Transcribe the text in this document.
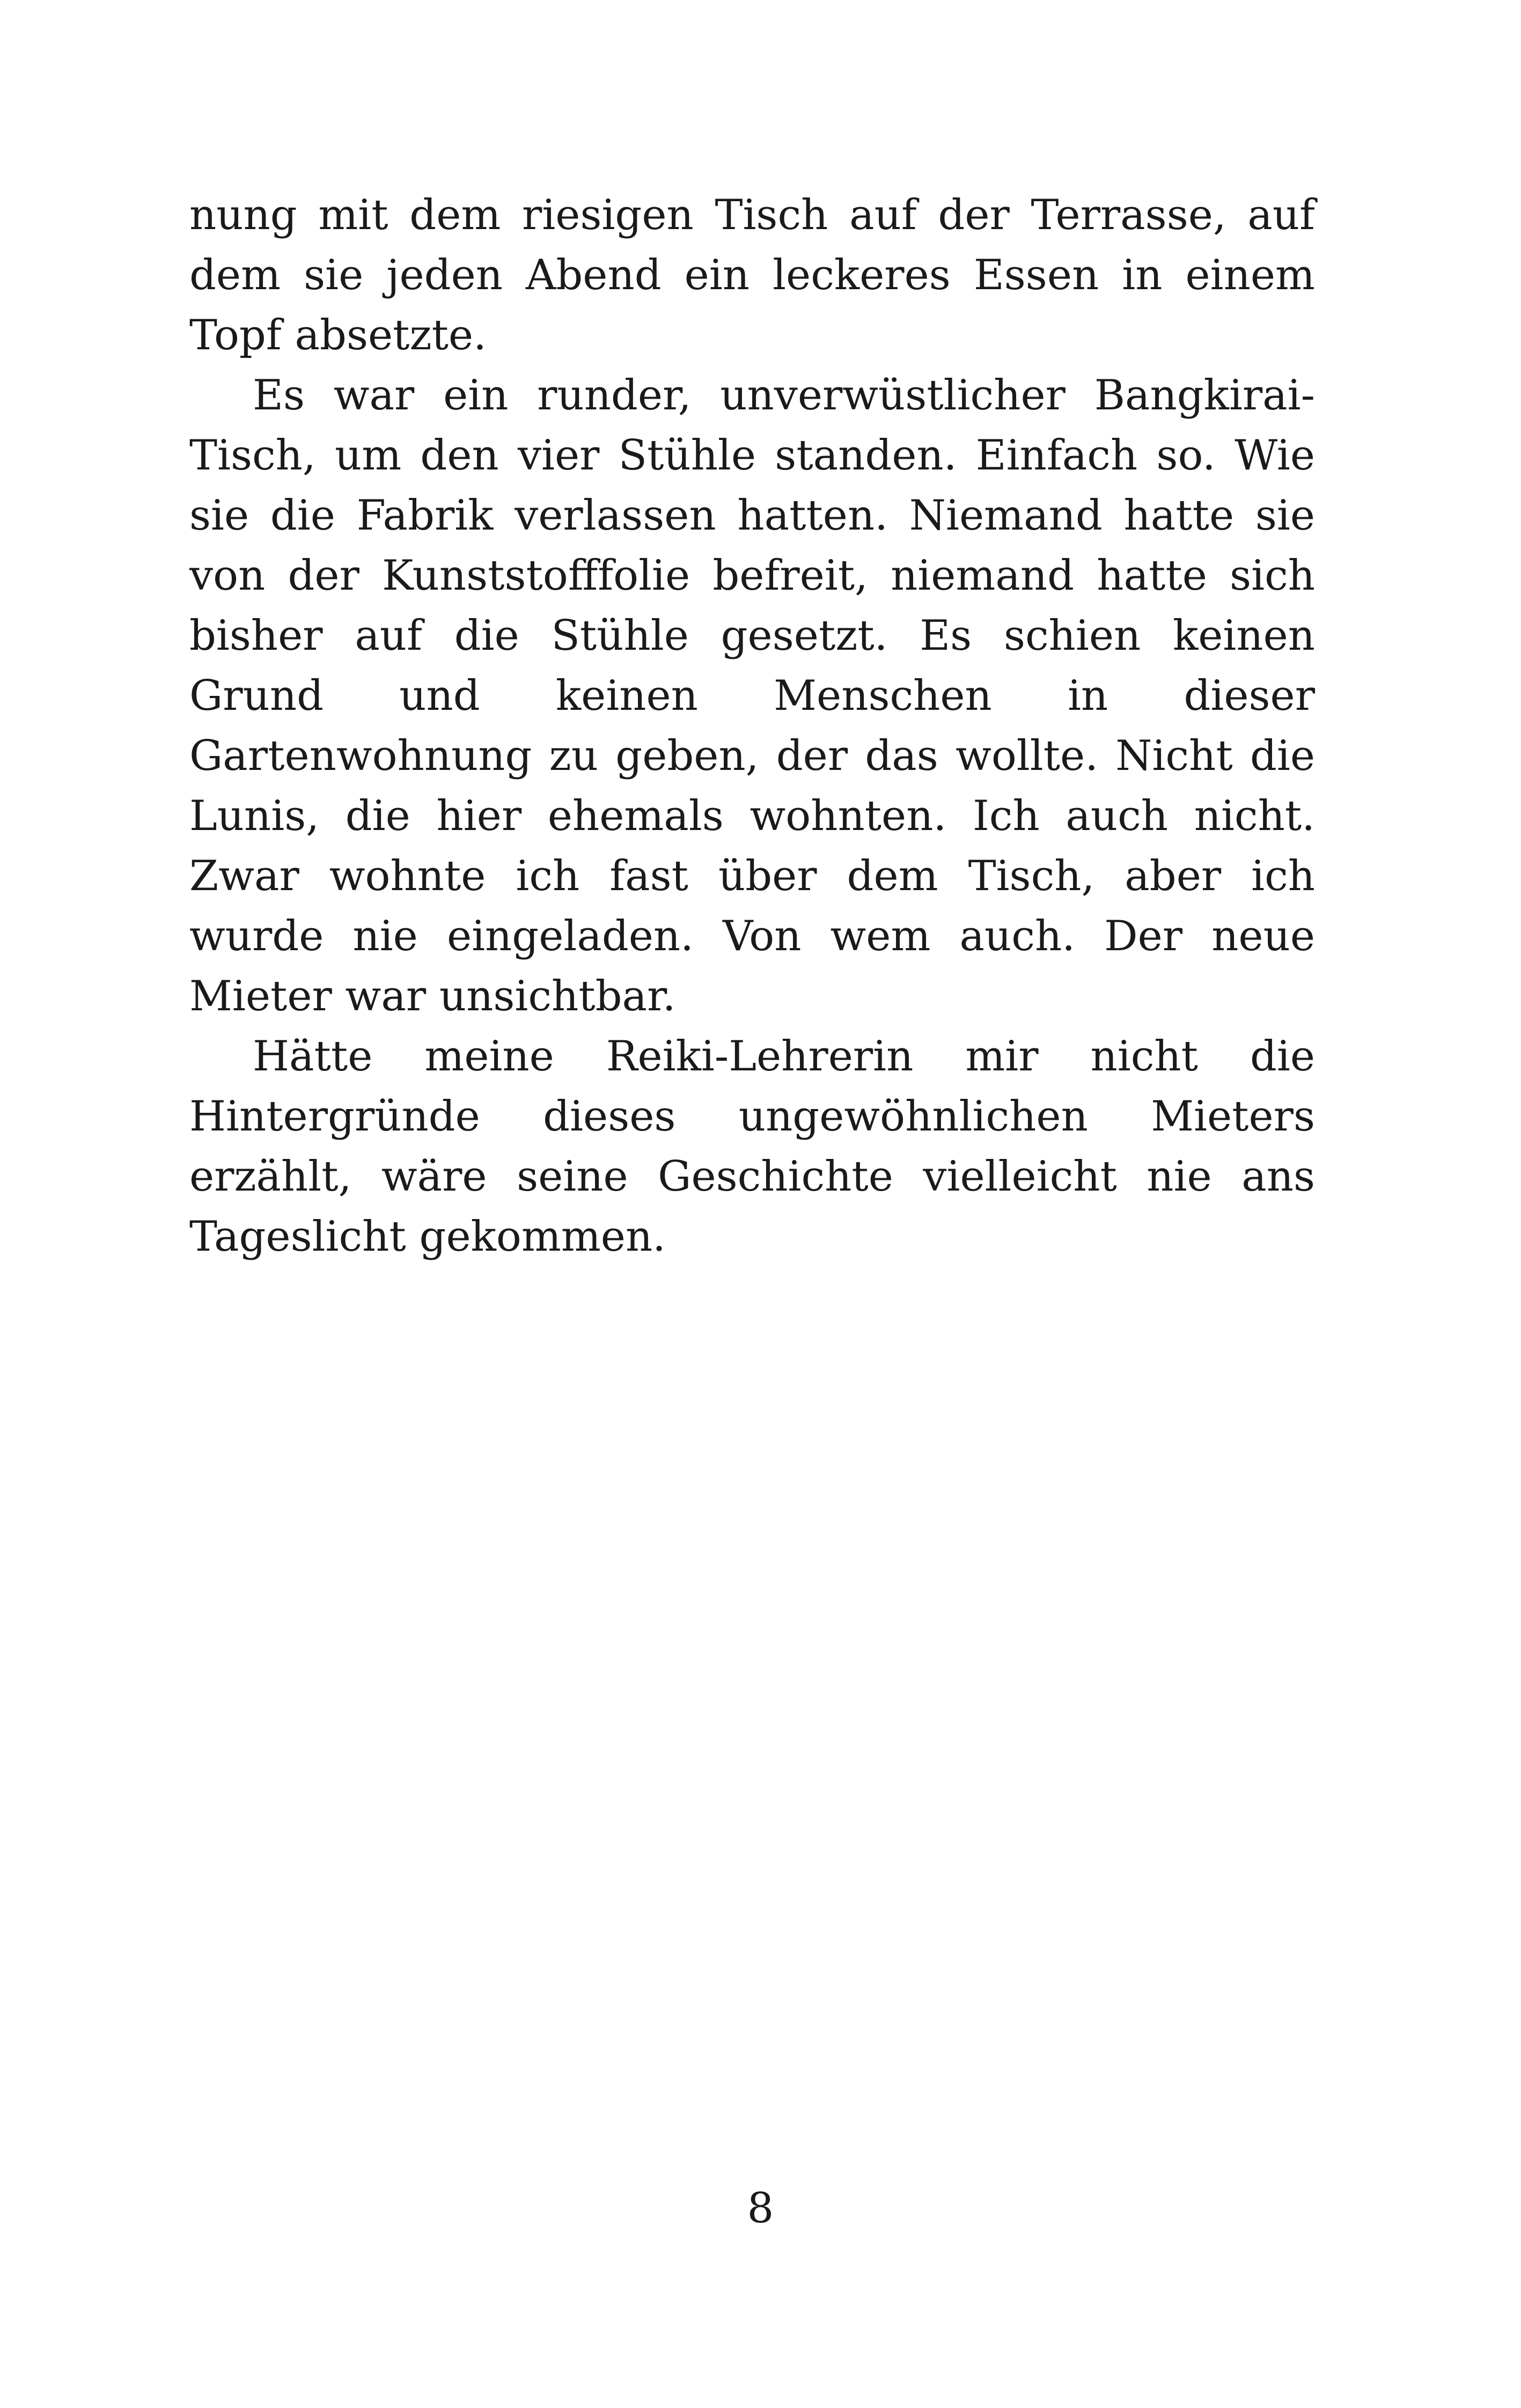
nung mit dem riesigen Tisch auf der Terrasse, auf dem sie jeden Abend ein leckeres Essen in einem Topf absetzte.

Es war ein runder, unverwüstlicher Bangkirai-Tisch, um den vier Stühle standen. Einfach so. Wie sie die Fabrik verlassen hatten. Niemand hatte sie von der Kunststofffolie befreit, niemand hatte sich bisher auf die Stühle gesetzt. Es schien keinen Grund und keinen Menschen in dieser Gartenwohnung zu geben, der das wollte. Nicht die Lunis, die hier ehemals wohnten. Ich auch nicht. Zwar wohnte ich fast über dem Tisch, aber ich wurde nie eingeladen. Von wem auch. Der neue Mieter war unsichtbar.

Hätte meine Reiki-Lehrerin mir nicht die Hintergründe dieses ungewöhnlichen Mieters erzählt, wäre seine Geschichte vielleicht nie ans Tageslicht gekommen.

8
